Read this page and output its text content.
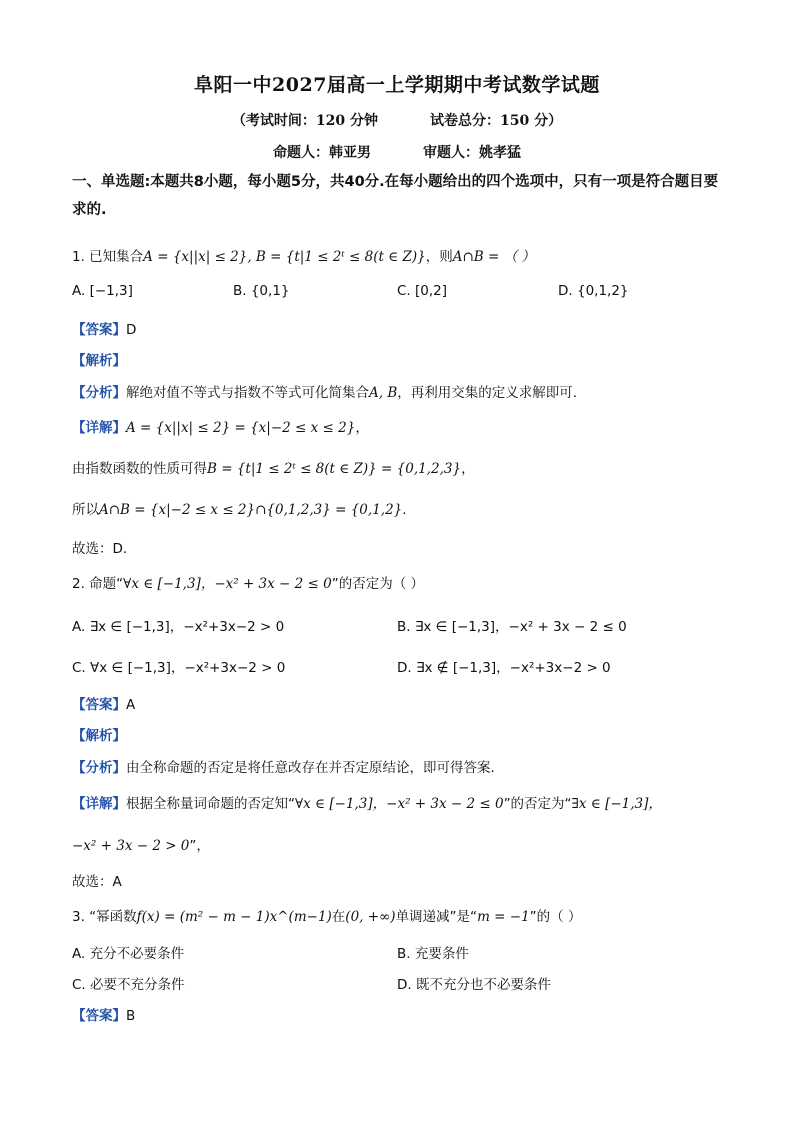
阜阳一中2027届高一上学期期中考试数学试题
（考试时间：120 分钟	试卷总分：150 分）
命题人：韩亚男	审题人：姚孝猛
一、单选题:本题共8小题，每小题5分，共40分.在每小题给出的四个选项中，只有一项是符合题目要求的.
1. 已知集合A = {x||x| ≤ 2}, B = {t|1 ≤ 2ᵗ ≤ 8(t ∈ Z)}，则A∩B = （ ）
A. [−1,3]	B. {0,1}	C. [0,2]	D. {0,1,2}
【答案】D
【解析】
【分析】解绝对值不等式与指数不等式可化简集合A, B，再利用交集的定义求解即可.
【详解】A = {x||x| ≤ 2} = {x|−2 ≤ x ≤ 2}，
由指数函数的性质可得B = {t|1 ≤ 2ᵗ ≤ 8(t ∈ Z)} = {0,1,2,3}，
所以A∩B = {x|−2 ≤ x ≤ 2}∩{0,1,2,3} = {0,1,2}.
故选：D.
2. 命题“∀x ∈ [−1,3]，−x² + 3x − 2 ≤ 0”的否定为（ ）
A. ∃x ∈ [−1,3]，−x²+3x−2 > 0	B. ∃x ∈ [−1,3]，−x² + 3x − 2 ≤ 0
C. ∀x ∈ [−1,3]，−x²+3x−2 > 0	D. ∃x ∉ [−1,3]，−x²+3x−2 > 0
【答案】A
【解析】
【分析】由全称命题的否定是将任意改存在并否定原结论，即可得答案.
【详解】根据全称量词命题的否定知“∀x ∈ [−1,3]，−x² + 3x − 2 ≤ 0”的否定为“∃x ∈ [−1,3]，
−x² + 3x − 2 > 0”，
故选：A
3. “幂函数f(x) = (m² − m − 1)x^(m−1)在(0, +∞)单调递减”是“m = −1”的（ ）
A. 充分不必要条件	B. 充要条件
C. 必要不充分条件	D. 既不充分也不必要条件
【答案】B
